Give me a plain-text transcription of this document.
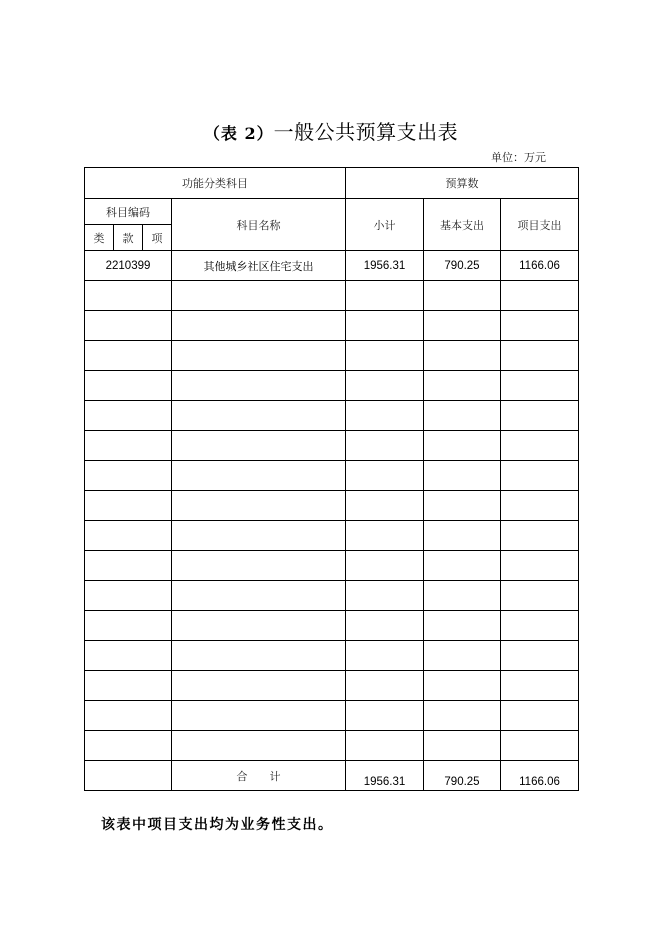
（表 2）一般公共预算支出表
单位：万元
功能分类科目				预算数		
科目编码			科目名称	小计	基本支出	项目支出
类	款	项				
2210399			其他城乡社区住宅支出	1956.31	790.25	1166.06

			合计	1956.31	790.25	1166.06
该表中项目支出均为业务性支出。
